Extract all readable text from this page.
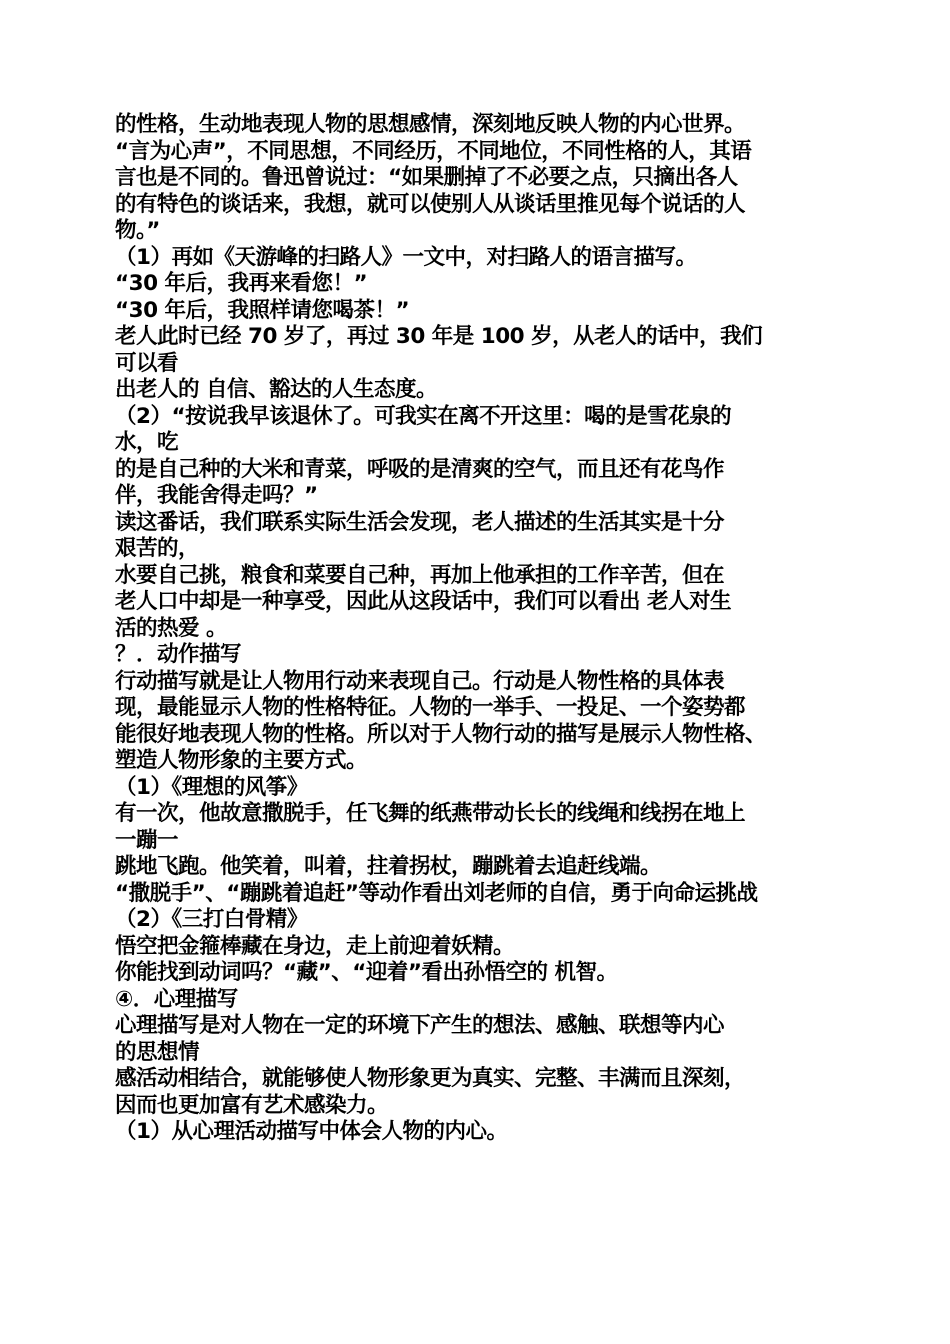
的性格，生动地表现人物的思想感情，深刻地反映人物的内心世界。
“言为心声”，不同思想，不同经历，不同地位，不同性格的人，其语
言也是不同的。鲁迅曾说过：“如果删掉了不必要之点，只摘出各人
的有特色的谈话来，我想，就可以使别人从谈话里推见每个说话的人
物。”
（1）再如《天游峰的扫路人》一文中，对扫路人的语言描写。
“30 年后，我再来看您！”
“30 年后，我照样请您喝茶！”
老人此时已经 70 岁了，再过 30 年是 100 岁，从老人的话中，我们
可以看
出老人的 自信、豁达的人生态度。
（2）“按说我早该退休了。可我实在离不开这里：喝的是雪花泉的
水，吃
的是自己种的大米和青菜，呼吸的是清爽的空气，而且还有花鸟作
伴，我能舍得走吗？”
读这番话，我们联系实际生活会发现，老人描述的生活其实是十分
艰苦的，
水要自己挑，粮食和菜要自己种，再加上他承担的工作辛苦，但在
老人口中却是一种享受，因此从这段话中，我们可以看出 老人对生
活的热爱 。
？．动作描写
行动描写就是让人物用行动来表现自己。行动是人物性格的具体表
现，最能显示人物的性格特征。人物的一举手、一投足、一个姿势都
能很好地表现人物的性格。所以对于人物行动的描写是展示人物性格、
塑造人物形象的主要方式。
（1）《理想的风筝》
有一次，他故意撒脱手，任飞舞的纸燕带动长长的线绳和线拐在地上
一蹦一
跳地飞跑。他笑着，叫着，拄着拐杖，蹦跳着去追赶线端。
“撒脱手”、“蹦跳着追赶”等动作看出刘老师的自信，勇于向命运挑战
（2）《三打白骨精》
悟空把金箍棒藏在身边，走上前迎着妖精。
你能找到动词吗？“藏”、“迎着”看出孙悟空的 机智。
④．心理描写
心理描写是对人物在一定的环境下产生的想法、感触、联想等内心
的思想情
感活动相结合，就能够使人物形象更为真实、完整、丰满而且深刻，
因而也更加富有艺术感染力。
（1）从心理活动描写中体会人物的内心。
